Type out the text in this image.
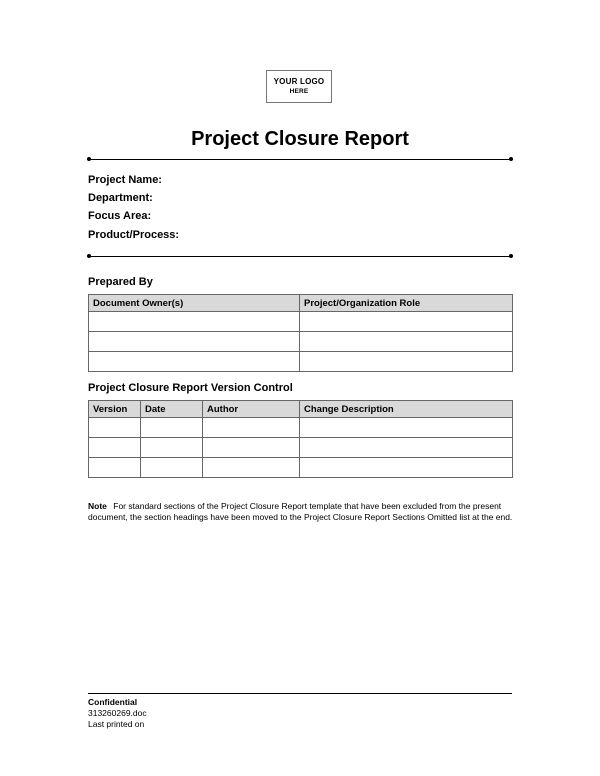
YOUR LOGO
HERE
Project Closure Report
Project Name:
Department:
Focus Area:
Product/Process:
Prepared By
Document Owner(s)	Project/Organization Role

Project Closure Report Version Control
Version	Date	Author	Change Description

Note For standard sections of the Project Closure Report template that have been excluded from the present document, the section headings have been moved to the Project Closure Report Sections Omitted list at the end.
Confidential
313260269.doc
Last printed on
